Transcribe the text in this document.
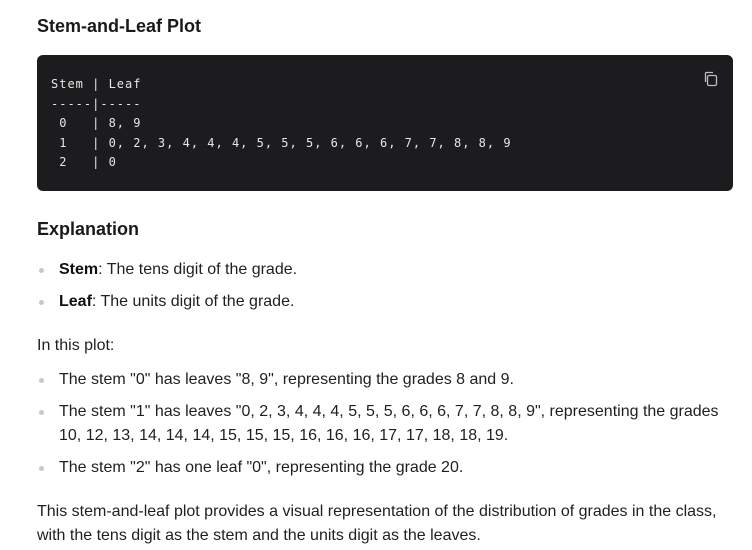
Stem-and-Leaf Plot
Stem | Leaf
-----|-----
0   | 8, 9
1   | 0, 2, 3, 4, 4, 4, 5, 5, 5, 6, 6, 6, 7, 7, 8, 8, 9
2   | 0
Explanation
Stem: The tens digit of the grade.
Leaf: The units digit of the grade.

In this plot:

The stem "0" has leaves "8, 9", representing the grades 8 and 9.
The stem "1" has leaves "0, 2, 3, 4, 4, 4, 5, 5, 5, 6, 6, 6, 7, 7, 8, 8, 9", representing the grades 10, 12, 13, 14, 14, 14, 15, 15, 15, 16, 16, 16, 17, 17, 18, 18, 19.
The stem "2" has one leaf "0", representing the grade 20.

This stem-and-leaf plot provides a visual representation of the distribution of grades in the class, with the tens digit as the stem and the units digit as the leaves.
